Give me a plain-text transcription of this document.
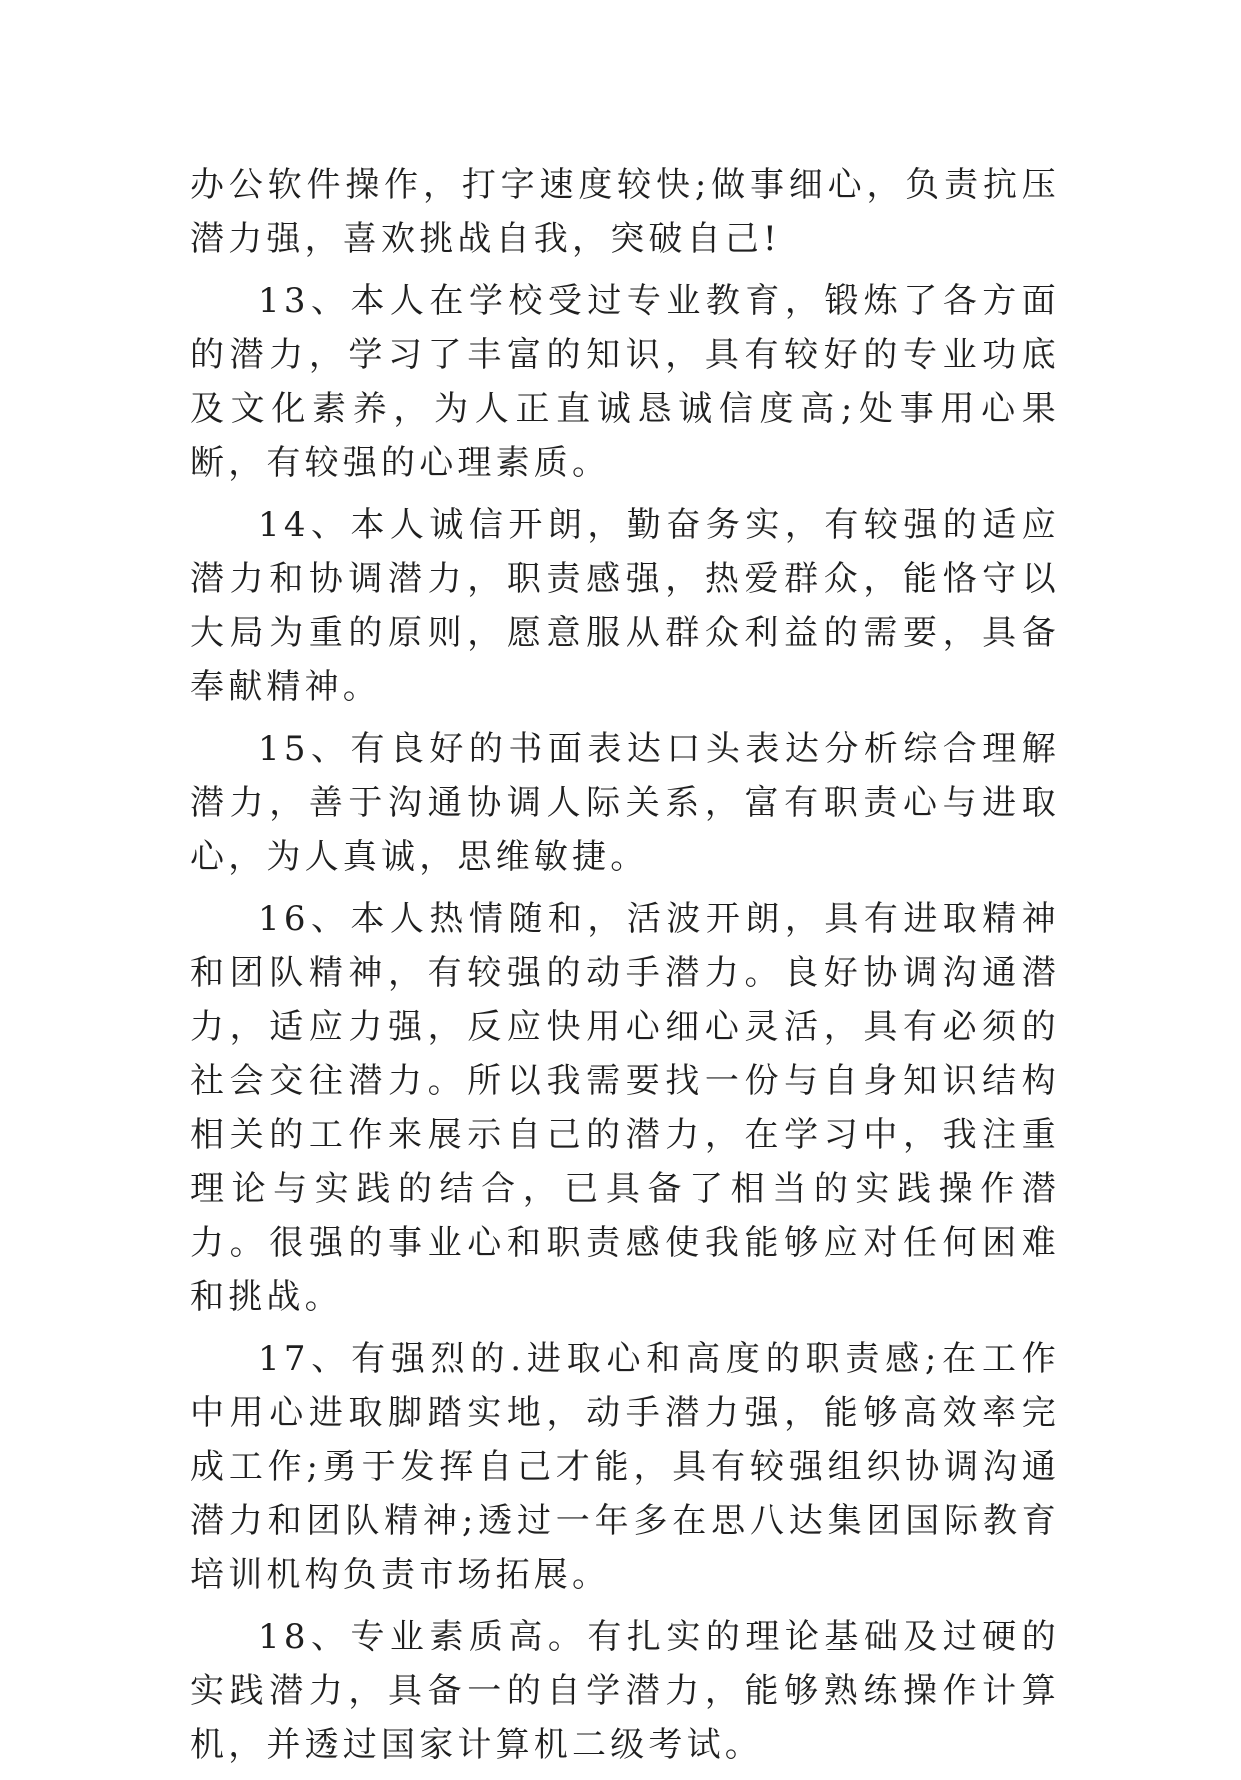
办公软件操作，打字速度较快;做事细心，负责抗压潜力强，喜欢挑战自我，突破自己!

13、本人在学校受过专业教育，锻炼了各方面的潜力，学习了丰富的知识，具有较好的专业功底及文化素养，为人正直诚恳诚信度高;处事用心果断，有较强的心理素质。

14、本人诚信开朗，勤奋务实，有较强的适应潜力和协调潜力，职责感强，热爱群众，能恪守以大局为重的原则，愿意服从群众利益的需要，具备奉献精神。

15、有良好的书面表达口头表达分析综合理解潜力，善于沟通协调人际关系，富有职责心与进取心，为人真诚，思维敏捷。

16、本人热情随和，活波开朗，具有进取精神和团队精神，有较强的动手潜力。良好协调沟通潜力，适应力强，反应快用心细心灵活，具有必须的社会交往潜力。所以我需要找一份与自身知识结构相关的工作来展示自己的潜力，在学习中，我注重理论与实践的结合，已具备了相当的实践操作潜力。很强的事业心和职责感使我能够应对任何困难和挑战。

17、有强烈的.进取心和高度的职责感;在工作中用心进取脚踏实地，动手潜力强，能够高效率完成工作;勇于发挥自己才能，具有较强组织协调沟通潜力和团队精神;透过一年多在思八达集团国际教育培训机构负责市场拓展。

18、专业素质高。有扎实的理论基础及过硬的实践潜力，具备一的自学潜力，能够熟练操作计算机，并透过国家计算机二级考试。
